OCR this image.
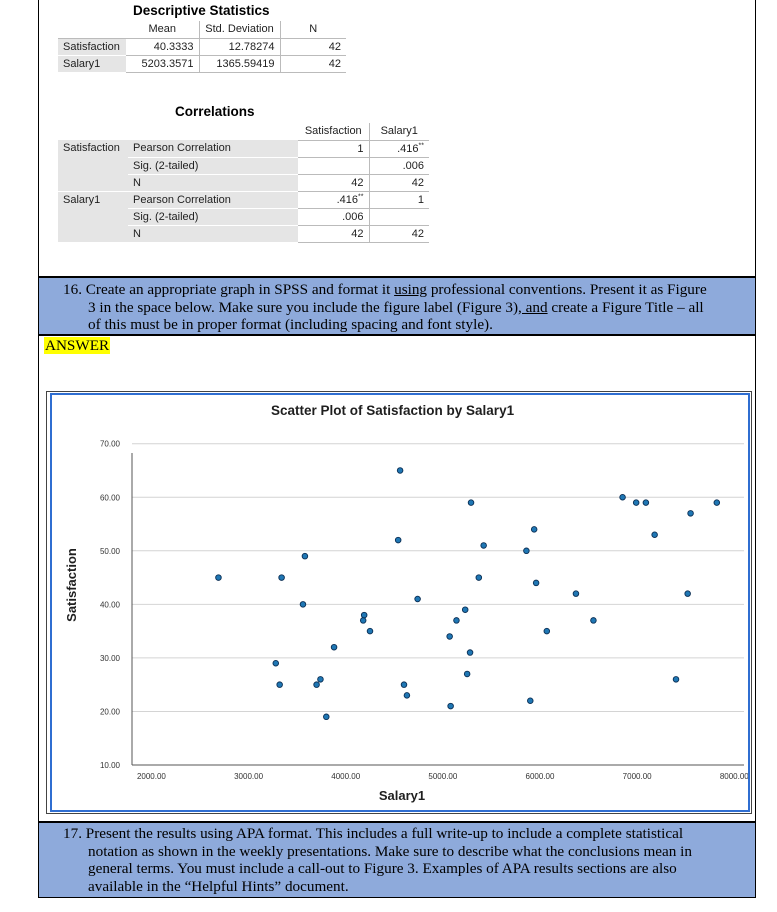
Descriptive Statistics
	Mean	Std. Deviation	N
Satisfaction	40.3333	12.78274	42
Salary1	5203.3571	1365.59419	42
Correlations
		Satisfaction	Salary1
Satisfaction	Pearson Correlation	1	.416**
	Sig. (2-tailed)		.006
	N	42	42
Salary1	Pearson Correlation	.416**	1
	Sig. (2-tailed)	.006	
	N	42	42
16. Create an appropriate graph in SPSS and format it using professional conventions. Present it as Figure
3 in the space below. Make sure you include the figure label (Figure 3), and create a Figure Title – all
of this must be in proper format (including spacing and font style).
ANSWER
Scatter Plot of Satisfaction by Salary1
10.00
20.00
30.00
40.00
50.00
60.00
70.00
2000.00	3000.00	4000.00	5000.00	6000.00	7000.00	8000.00
Salary1
Satisfaction
17. Present the results using APA format. This includes a full write-up to include a complete statistical
notation as shown in the weekly presentations. Make sure to describe what the conclusions mean in
general terms. You must include a call-out to Figure 3. Examples of APA results sections are also
available in the “Helpful Hints” document.
